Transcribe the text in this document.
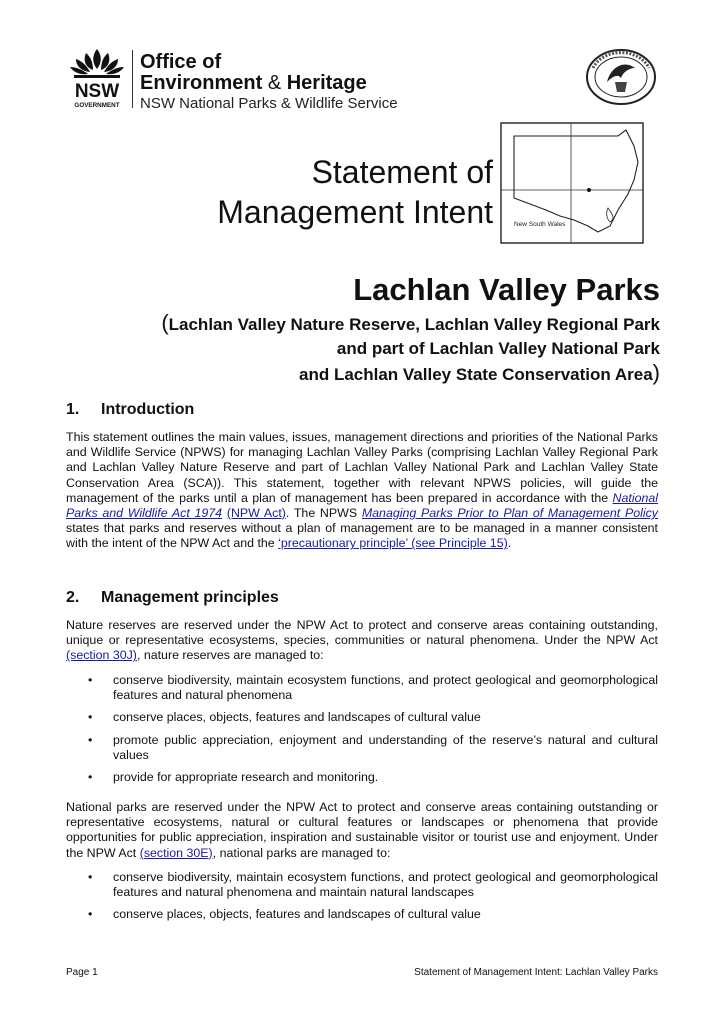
NSW
GOVERNMENT
Office of
Environment & Heritage
NSW National Parks & Wildlife Service
Statement of
Management Intent	New South Wales
Lachlan Valley Parks
(Lachlan Valley Nature Reserve, Lachlan Valley Regional Park
and part of Lachlan Valley National Park
and Lachlan Valley State Conservation Area)
1. Introduction
This statement outlines the main values, issues, management directions and priorities of the National Parks and Wildlife Service (NPWS) for managing Lachlan Valley Parks (comprising Lachlan Valley Regional Park and Lachlan Valley Nature Reserve and part of Lachlan Valley National Park and Lachlan Valley State Conservation Area (SCA)). This statement, together with relevant NPWS policies, will guide the management of the parks until a plan of management has been prepared in accordance with the National Parks and Wildlife Act 1974 (NPW Act). The NPWS Managing Parks Prior to Plan of Management Policy states that parks and reserves without a plan of management are to be managed in a manner consistent with the intent of the NPW Act and the ‘precautionary principle’ (see Principle 15).
2. Management principles
Nature reserves are reserved under the NPW Act to protect and conserve areas containing outstanding, unique or representative ecosystems, species, communities or natural phenomena. Under the NPW Act (section 30J), nature reserves are managed to:
• conserve biodiversity, maintain ecosystem functions, and protect geological and geomorphological features and natural phenomena
• conserve places, objects, features and landscapes of cultural value
• promote public appreciation, enjoyment and understanding of the reserve’s natural and cultural values
• provide for appropriate research and monitoring.
National parks are reserved under the NPW Act to protect and conserve areas containing outstanding or representative ecosystems, natural or cultural features or landscapes or phenomena that provide opportunities for public appreciation, inspiration and sustainable visitor or tourist use and enjoyment. Under the NPW Act (section 30E), national parks are managed to:
• conserve biodiversity, maintain ecosystem functions, and protect geological and geomorphological features and natural phenomena and maintain natural landscapes
• conserve places, objects, features and landscapes of cultural value
Page 1	Statement of Management Intent: Lachlan Valley Parks
